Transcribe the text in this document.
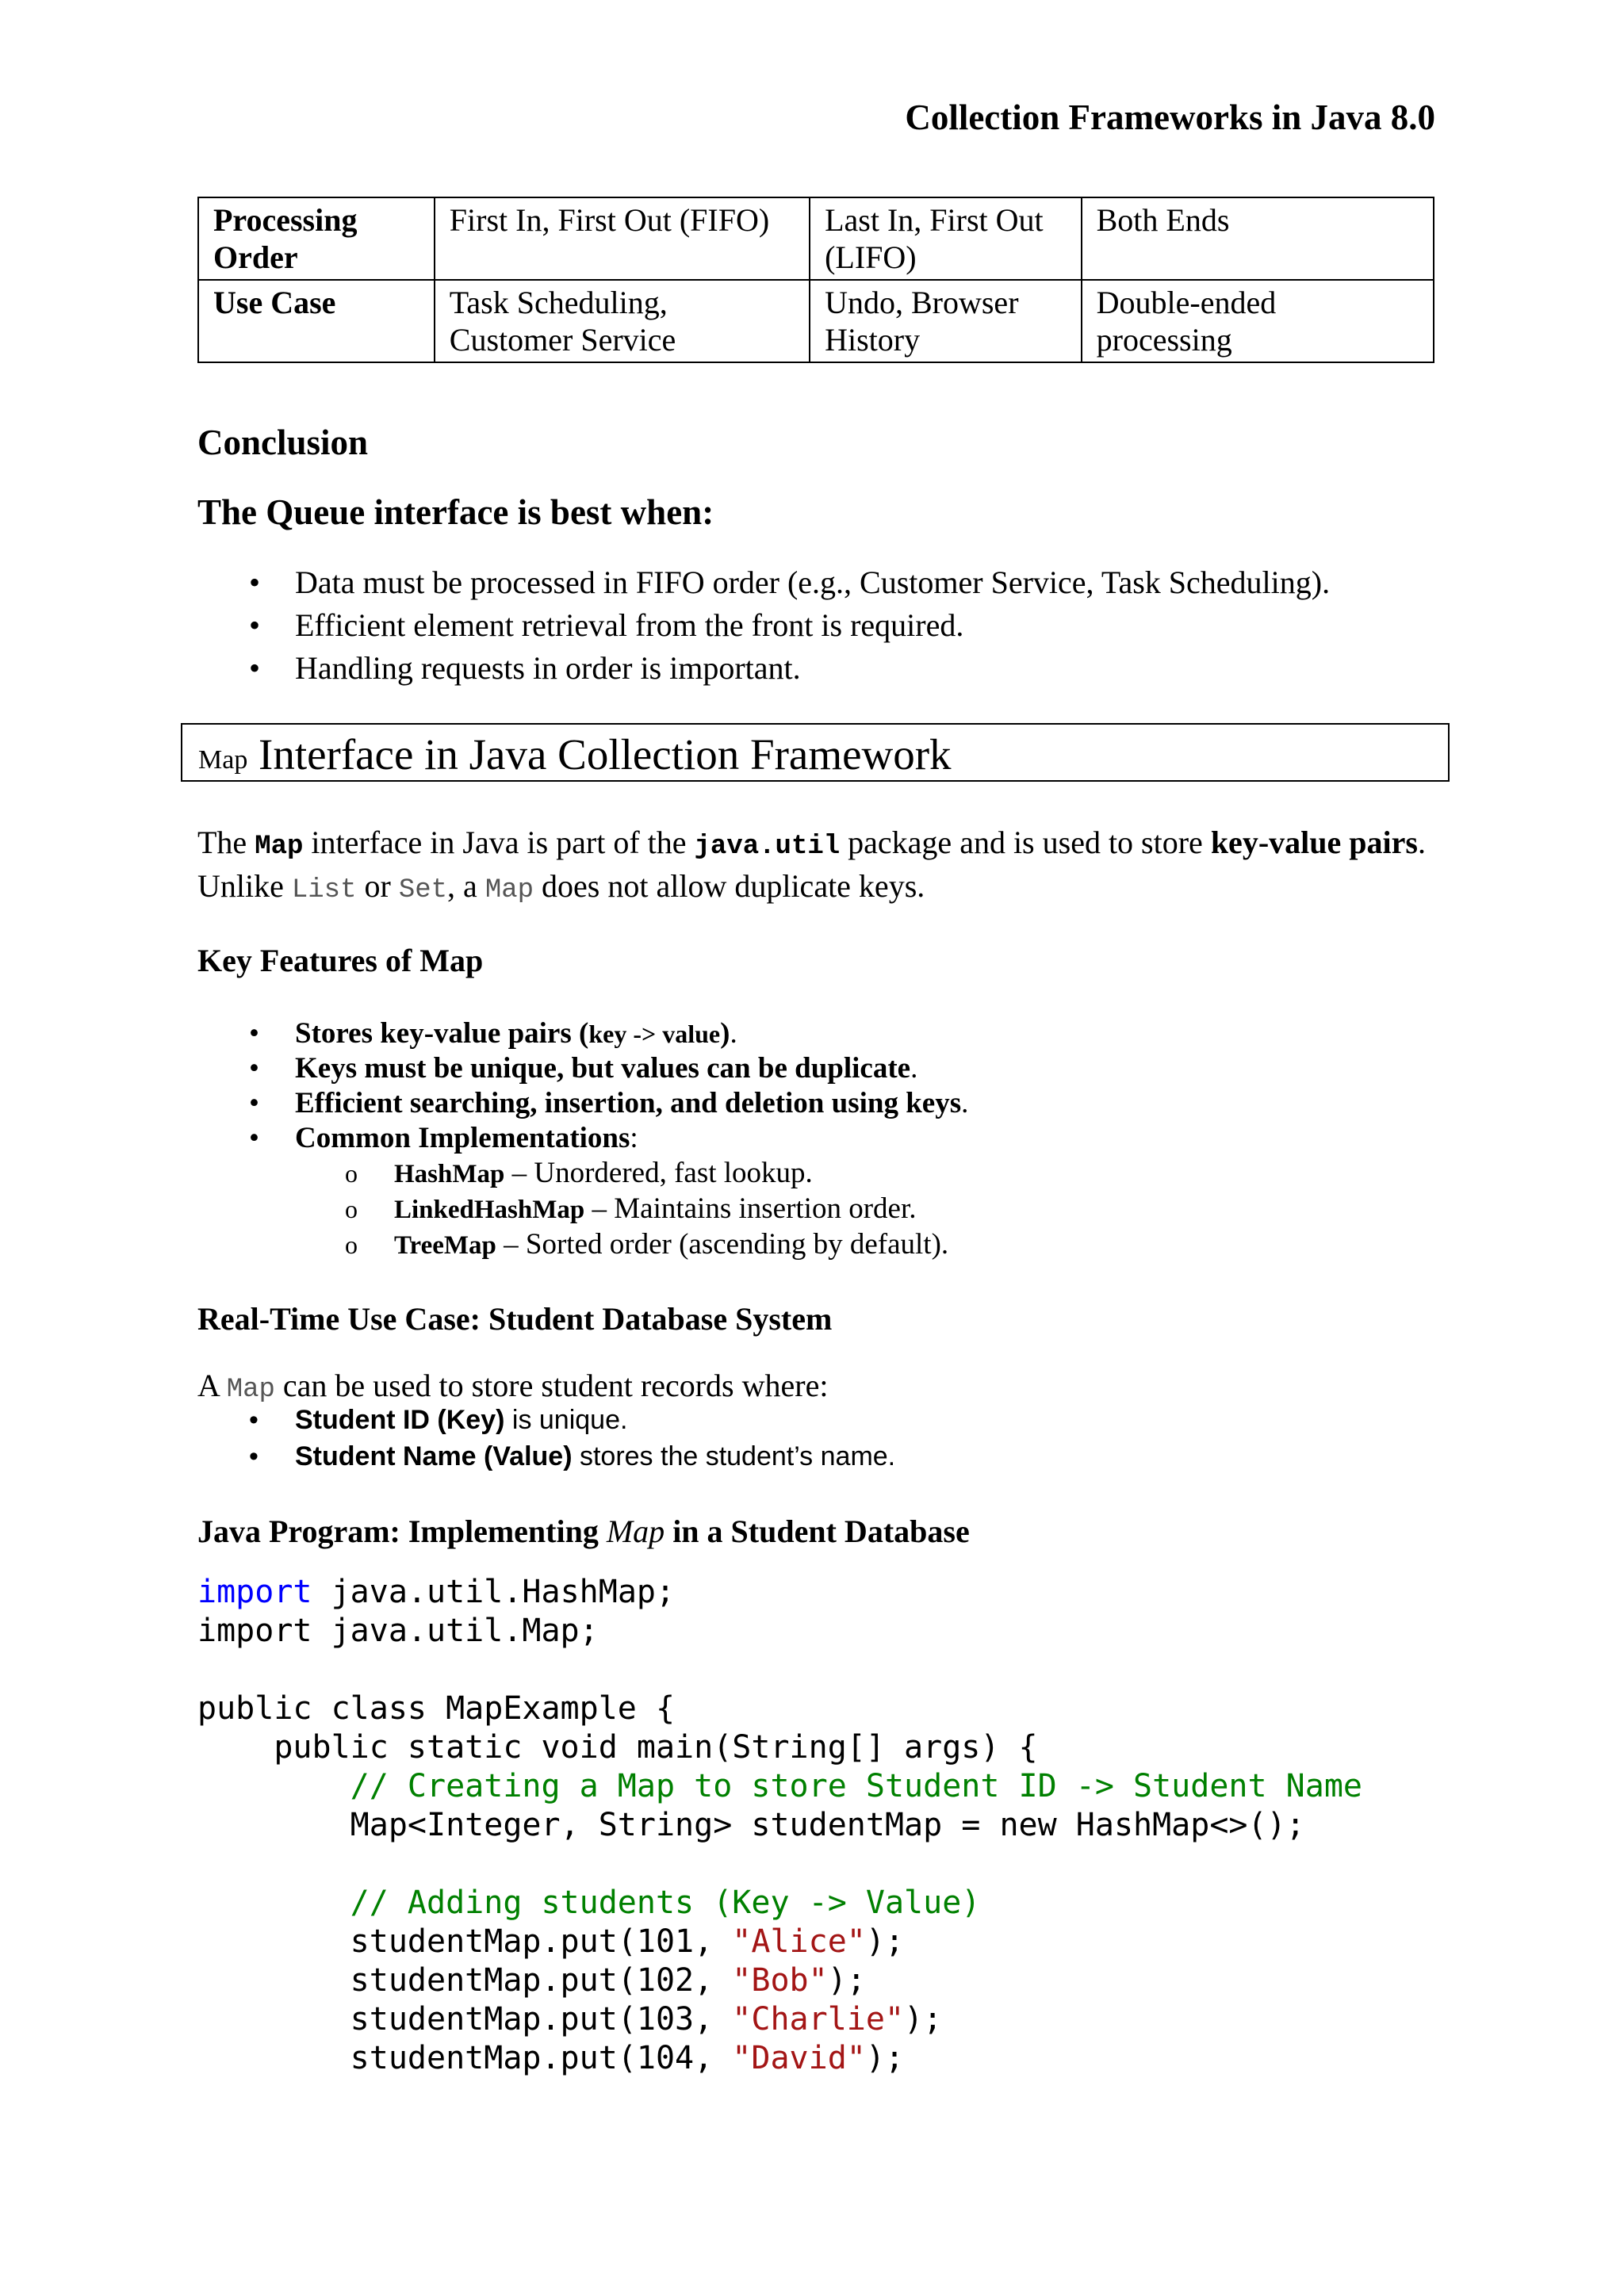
Collection Frameworks in Java 8.0
Processing Order	First In, First Out (FIFO)	Last In, First Out (LIFO)	Both Ends
Use Case	Task Scheduling, Customer Service	Undo, Browser History	Double-ended processing
Conclusion
The Queue interface is best when:
• Data must be processed in FIFO order (e.g., Customer Service, Task Scheduling).
• Efficient element retrieval from the front is required.
• Handling requests in order is important.
Map Interface in Java Collection Framework
The Map interface in Java is part of the java.util package and is used to store key-value pairs. Unlike List or Set, a Map does not allow duplicate keys.
Key Features of Map
• Stores key-value pairs (key -> value).
• Keys must be unique, but values can be duplicate.
• Efficient searching, insertion, and deletion using keys.
• Common Implementations:
o HashMap – Unordered, fast lookup.
o LinkedHashMap – Maintains insertion order.
o TreeMap – Sorted order (ascending by default).
Real-Time Use Case: Student Database System
A Map can be used to store student records where:
• Student ID (Key) is unique.
• Student Name (Value) stores the student’s name.
Java Program: Implementing Map in a Student Database
import java.util.HashMap;
import java.util.Map;

public class MapExample {
public static void main(String[] args) {
// Creating a Map to store Student ID -> Student Name
Map<Integer, String> studentMap = new HashMap<>();

// Adding students (Key -> Value)
studentMap.put(101, "Alice");
studentMap.put(102, "Bob");
studentMap.put(103, "Charlie");
studentMap.put(104, "David");
